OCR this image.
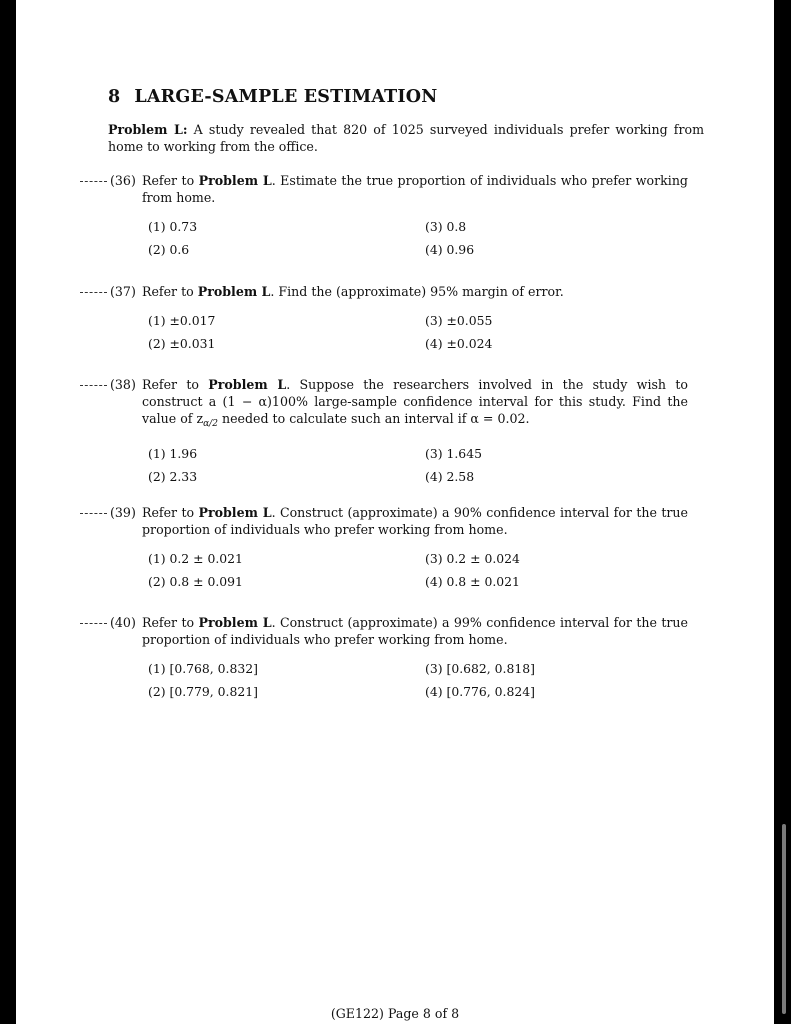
8 LARGE-SAMPLE ESTIMATION
Problem L: A study revealed that 820 of 1025 surveyed individuals prefer working from home to working from the office.
(36) Refer to Problem L. Estimate the true proportion of individuals who prefer working from home.
(1) 0.73
(2) 0.6
(3) 0.8
(4) 0.96
(37) Refer to Problem L. Find the (approximate) 95% margin of error.
(1) ±0.017
(2) ±0.031
(3) ±0.055
(4) ±0.024
(38) Refer to Problem L. Suppose the researchers involved in the study wish to construct a (1 − α)100% large-sample confidence interval for this study. Find the value of $z_{\alpha/2}$ needed to calculate such an interval if α = 0.02.
(1) 1.96
(2) 2.33
(3) 1.645
(4) 2.58
(39) Refer to Problem L. Construct (approximate) a 90% confidence interval for the true proportion of individuals who prefer working from home.
(1) 0.2 ± 0.021
(2) 0.8 ± 0.091
(3) 0.2 ± 0.024
(4) 0.8 ± 0.021
(40) Refer to Problem L. Construct (approximate) a 99% confidence interval for the true proportion of individuals who prefer working from home.
(1) [0.768, 0.832]
(2) [0.779, 0.821]
(3) [0.682, 0.818]
(4) [0.776, 0.824]
(GE122) Page 8 of 8
